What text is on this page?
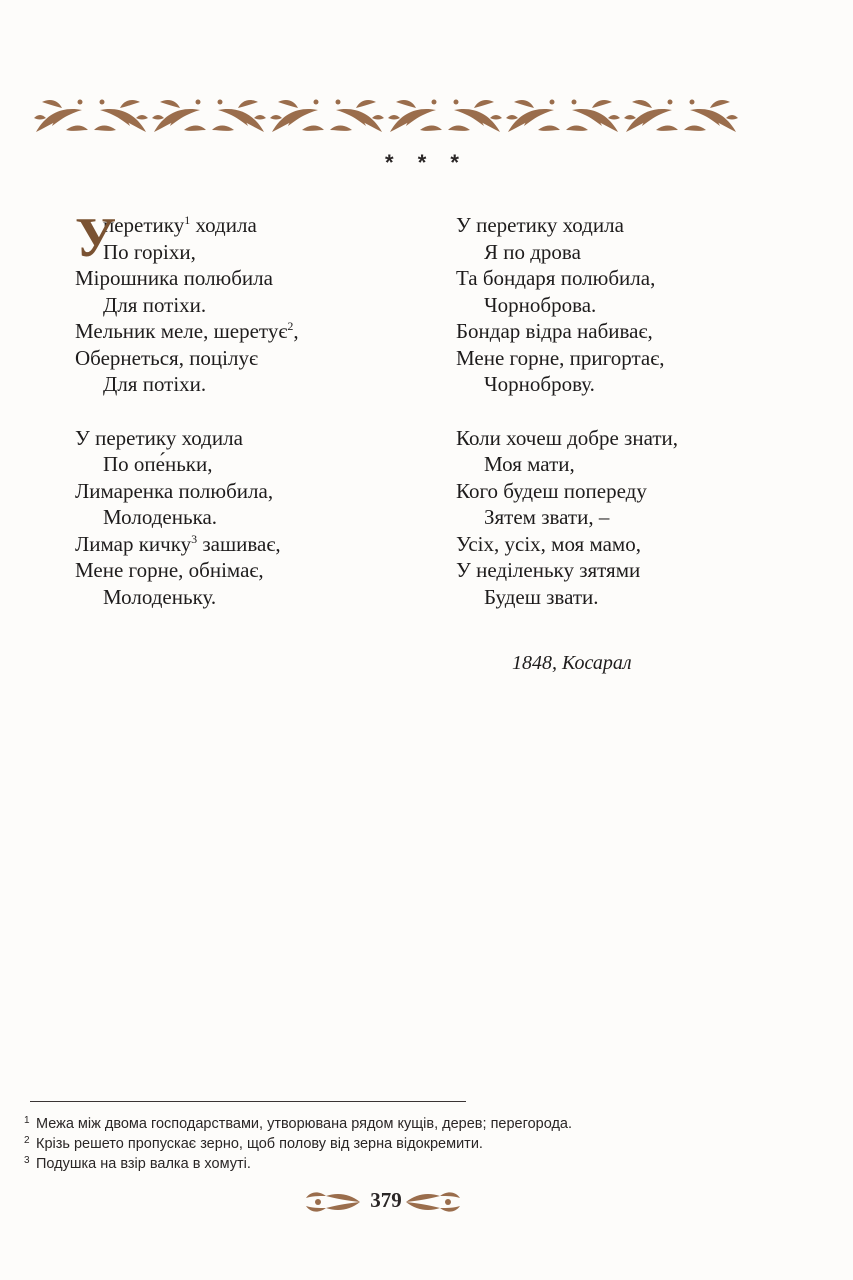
* * *
У
перетику$^1$ ходила
По горіхи,
Мірошника полюбила
Для потіхи.
Мельник меле, шеретує$^2$,
Обернеться, поцілує
Для потіхи.
У перетику ходила
По опе́ньки,
Лимаренка полюбила,
Молоденька.
Лимар кичку$^3$ зашиває,
Мене горне, обнімає,
Молоденьку.
У перетику ходила
Я по дрова
Та бондаря полюбила,
Чорноброва.
Бондар відра набиває,
Мене горне, пригортає,
Чорноброву.
Коли хочеш добре знати,
Моя мати,
Кого будеш попереду
Зятем звати, –
Усіх, усіх, моя мамо,
У неділеньку зятями
Будеш звати.
1848, Косарал
1 Межа між двома господарствами, утворювана рядом кущів, дерев; перегорода.
2 Крізь решето пропускає зерно, щоб полову від зерна відокремити.
3 Подушка на взір валка в хомуті.
379
